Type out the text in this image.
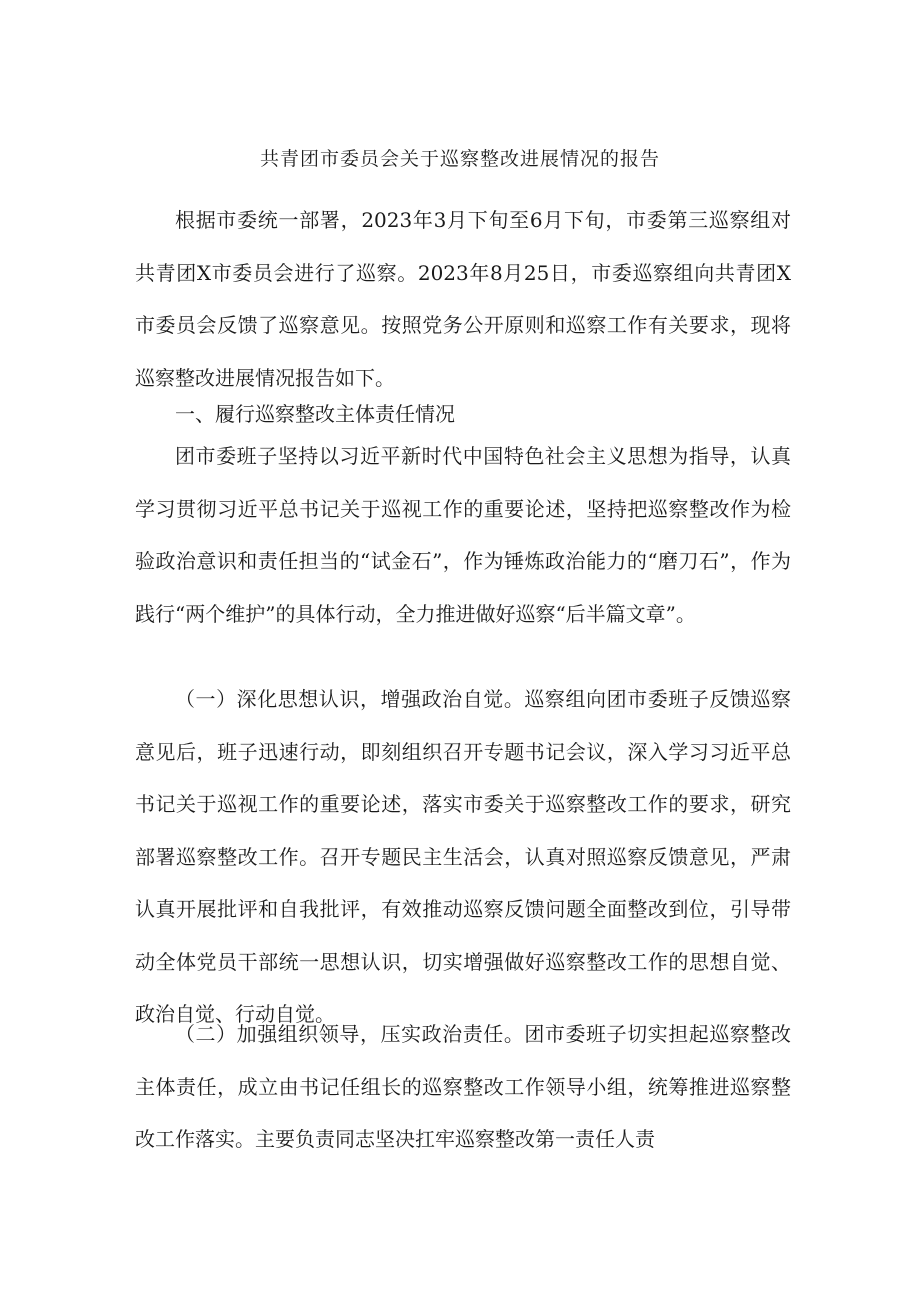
共青团市委员会关于巡察整改进展情况的报告

根据市委统一部署，2023年3月下旬至6月下旬，市委第三巡察组对共青团X市委员会进行了巡察。2023年8月25日，市委巡察组向共青团X市委员会反馈了巡察意见。按照党务公开原则和巡察工作有关要求，现将巡察整改进展情况报告如下。

一、履行巡察整改主体责任情况

团市委班子坚持以习近平新时代中国特色社会主义思想为指导，认真学习贯彻习近平总书记关于巡视工作的重要论述，坚持把巡察整改作为检验政治意识和责任担当的“试金石”，作为锤炼政治能力的“磨刀石”，作为践行“两个维护”的具体行动，全力推进做好巡察“后半篇文章”。

（一）深化思想认识，增强政治自觉。巡察组向团市委班子反馈巡察意见后，班子迅速行动，即刻组织召开专题书记会议，深入学习习近平总书记关于巡视工作的重要论述，落实市委关于巡察整改工作的要求，研究部署巡察整改工作。召开专题民主生活会，认真对照巡察反馈意见，严肃认真开展批评和自我批评，有效推动巡察反馈问题全面整改到位，引导带动全体党员干部统一思想认识，切实增强做好巡察整改工作的思想自觉、政治自觉、行动自觉。

（二）加强组织领导，压实政治责任。团市委班子切实担起巡察整改主体责任，成立由书记任组长的巡察整改工作领导小组，统筹推进巡察整改工作落实。主要负责同志坚决扛牢巡察整改第一责任人责
